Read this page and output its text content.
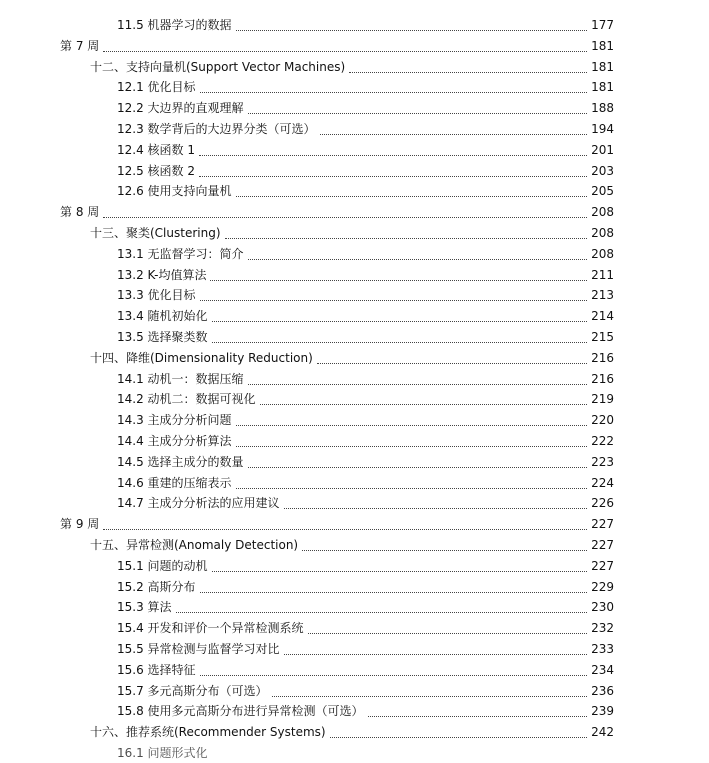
11.5 机器学习的数据	177
第 7 周	181
十二、支持向量机(Support Vector Machines)	181
12.1 优化目标	181
12.2 大边界的直观理解	188
12.3 数学背后的大边界分类（可选）	194
12.4 核函数 1	201
12.5 核函数 2	203
12.6 使用支持向量机	205
第 8 周	208
十三、聚类(Clustering)	208
13.1 无监督学习：简介	208
13.2 K-均值算法	211
13.3 优化目标	213
13.4 随机初始化	214
13.5 选择聚类数	215
十四、降维(Dimensionality Reduction)	216
14.1 动机一：数据压缩	216
14.2 动机二：数据可视化	219
14.3 主成分分析问题	220
14.4 主成分分析算法	222
14.5 选择主成分的数量	223
14.6 重建的压缩表示	224
14.7 主成分分析法的应用建议	226
第 9 周	227
十五、异常检测(Anomaly Detection)	227
15.1 问题的动机	227
15.2 高斯分布	229
15.3 算法	230
15.4 开发和评价一个异常检测系统	232
15.5 异常检测与监督学习对比	233
15.6 选择特征	234
15.7 多元高斯分布（可选）	236
15.8 使用多元高斯分布进行异常检测（可选）	239
十六、推荐系统(Recommender Systems)	242
16.1 问题形式化
